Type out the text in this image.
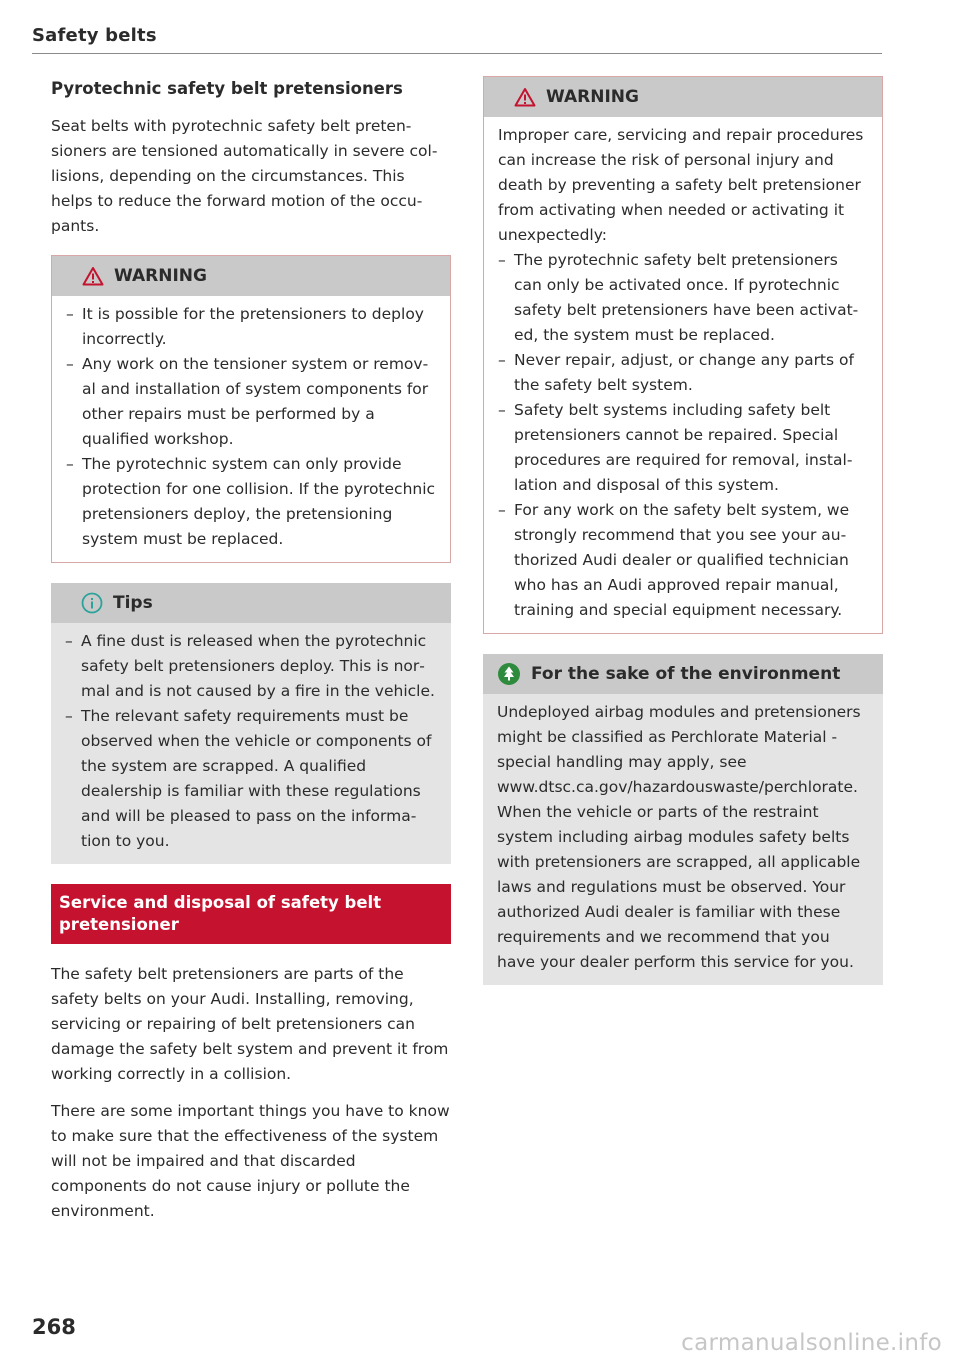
Safety belts
Pyrotechnic safety belt pretensioners

Seat belts with pyrotechnic safety belt pretensioners are tensioned automatically in severe collisions, depending on the circumstances. This helps to reduce the forward motion of the occupants.

WARNING
– It is possible for the pretensioners to deploy incorrectly.
– Any work on the tensioner system or removal and installation of system components for other repairs must be performed by a qualified workshop.
– The pyrotechnic system can only provide protection for one collision. If the pyrotechnic pretensioners deploy, the pretensioning system must be replaced.
Tips
– A fine dust is released when the pyrotechnic safety belt pretensioners deploy. This is normal and is not caused by a fire in the vehicle.
– The relevant safety requirements must be observed when the vehicle or components of the system are scrapped. A qualified dealership is familiar with these regulations and will be pleased to pass on the information to you.
Service and disposal of safety belt pretensioner

The safety belt pretensioners are parts of the safety belts on your Audi. Installing, removing, servicing or repairing of belt pretensioners can damage the safety belt system and prevent it from working correctly in a collision.

There are some important things you have to know to make sure that the effectiveness of the system will not be impaired and that discarded components do not cause injury or pollute the environment.

WARNING

Improper care, servicing and repair procedures can increase the risk of personal injury and death by preventing a safety belt pretensioner from activating when needed or activating it unexpectedly:

– The pyrotechnic safety belt pretensioners can only be activated once. If pyrotechnic safety belt pretensioners have been activated, the system must be replaced.
– Never repair, adjust, or change any parts of the safety belt system.
– Safety belt systems including safety belt pretensioners cannot be repaired. Special procedures are required for removal, installation and disposal of this system.
– For any work on the safety belt system, we strongly recommend that you see your authorized Audi dealer or qualified technician who has an Audi approved repair manual, training and special equipment necessary.
For the sake of the environment

Undeployed airbag modules and pretensioners might be classified as Perchlorate Material -special handling may apply, see www.dtsc.ca.gov/hazardouswaste/perchlorate. When the vehicle or parts of the restraint system including airbag modules safety belts with pretensioners are scrapped, all applicable laws and regulations must be observed. Your authorized Audi dealer is familiar with these requirements and we recommend that you have your dealer perform this service for you.

268
carmanualsonline.info
